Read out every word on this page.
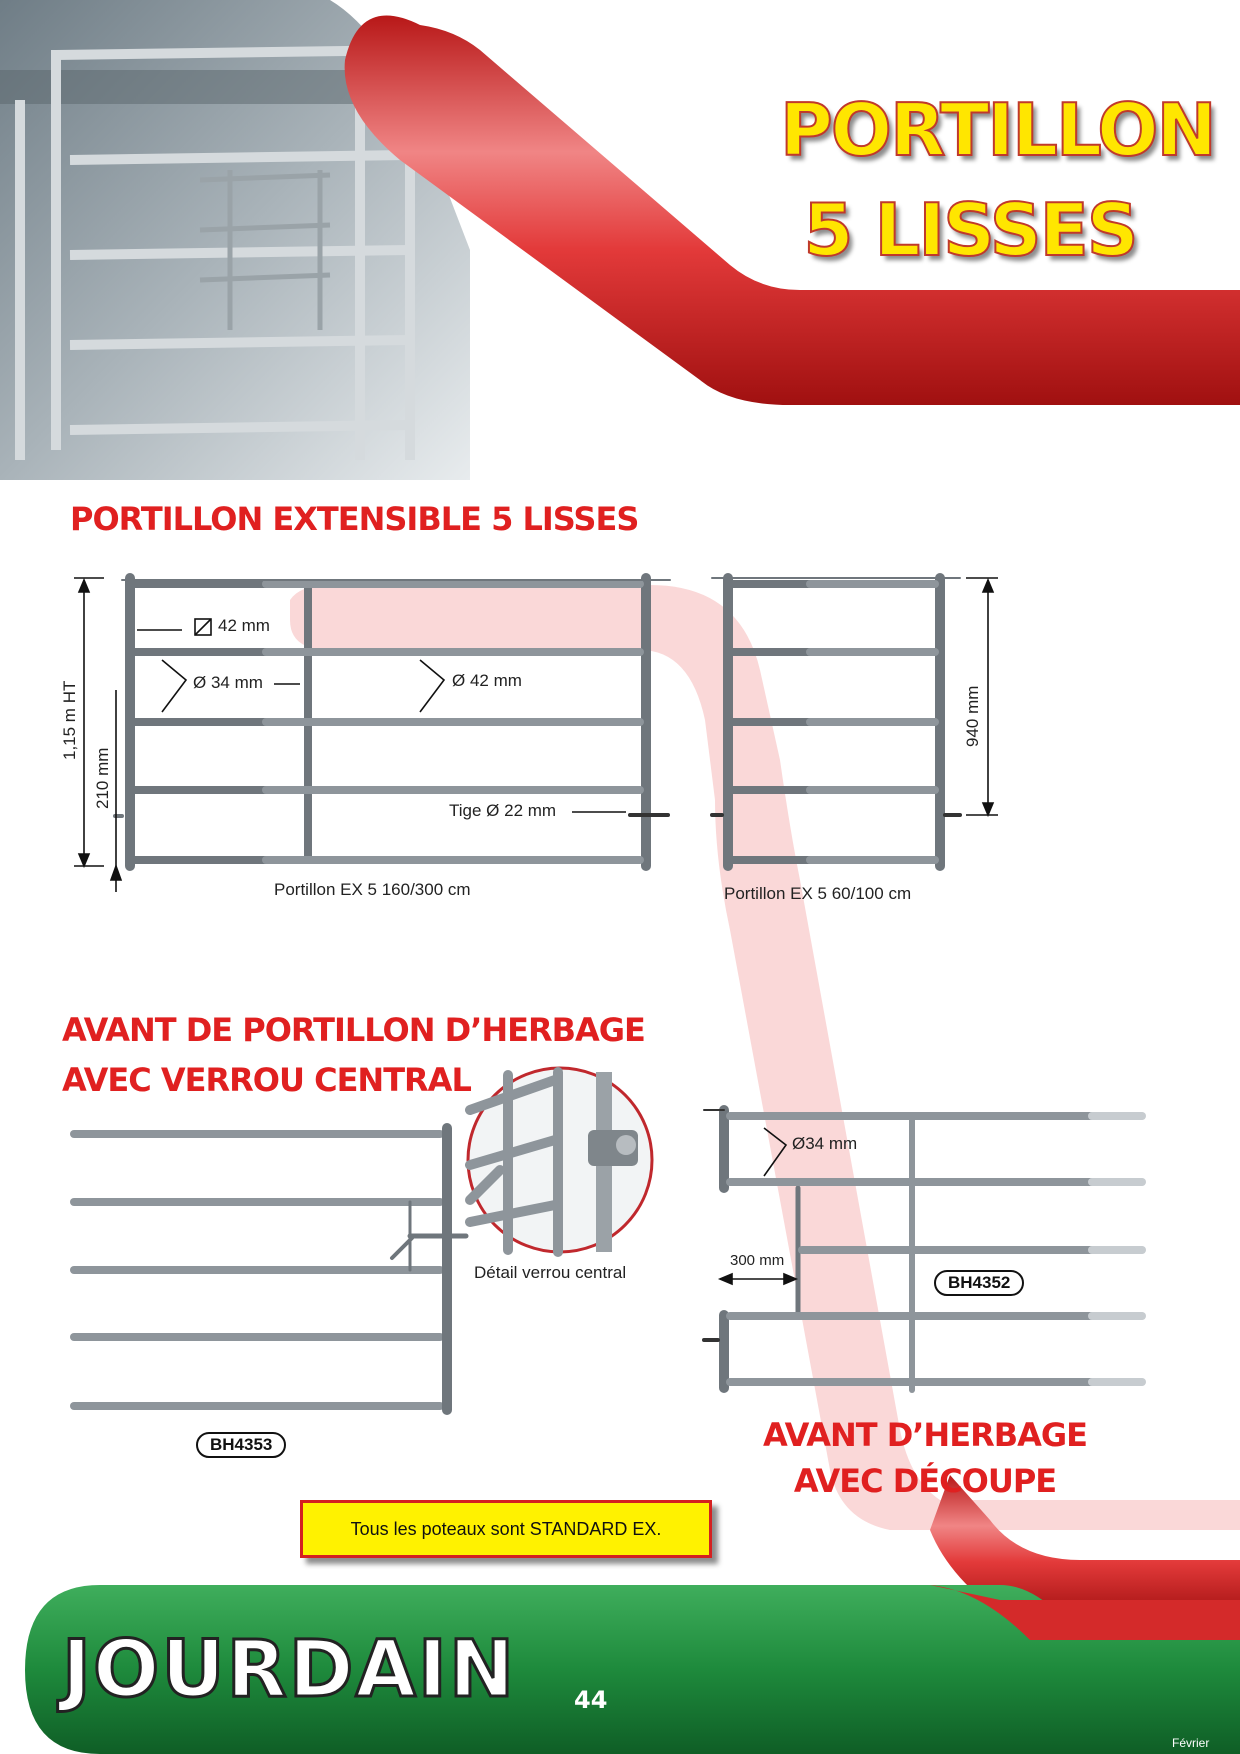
PORTILLON
5 LISSES
PORTILLON EXTENSIBLE 5 LISSES
42 mm
Ø 34 mm	Ø 42 mm
1,15 m HT
210 mm
Tige Ø 22 mm
Portillon EX 5 160/300 cm	Portillon EX 5 60/100 cm
940 mm
AVANT DE PORTILLON D’HERBAGE
AVEC VERROU CENTRAL
Détail verrou central
BH4353
Ø34 mm
300 mm
BH4352
AVANT D’HERBAGE
AVEC DÉCOUPE
Tous les poteaux sont STANDARD EX.
JOURDAIN 44
Février
